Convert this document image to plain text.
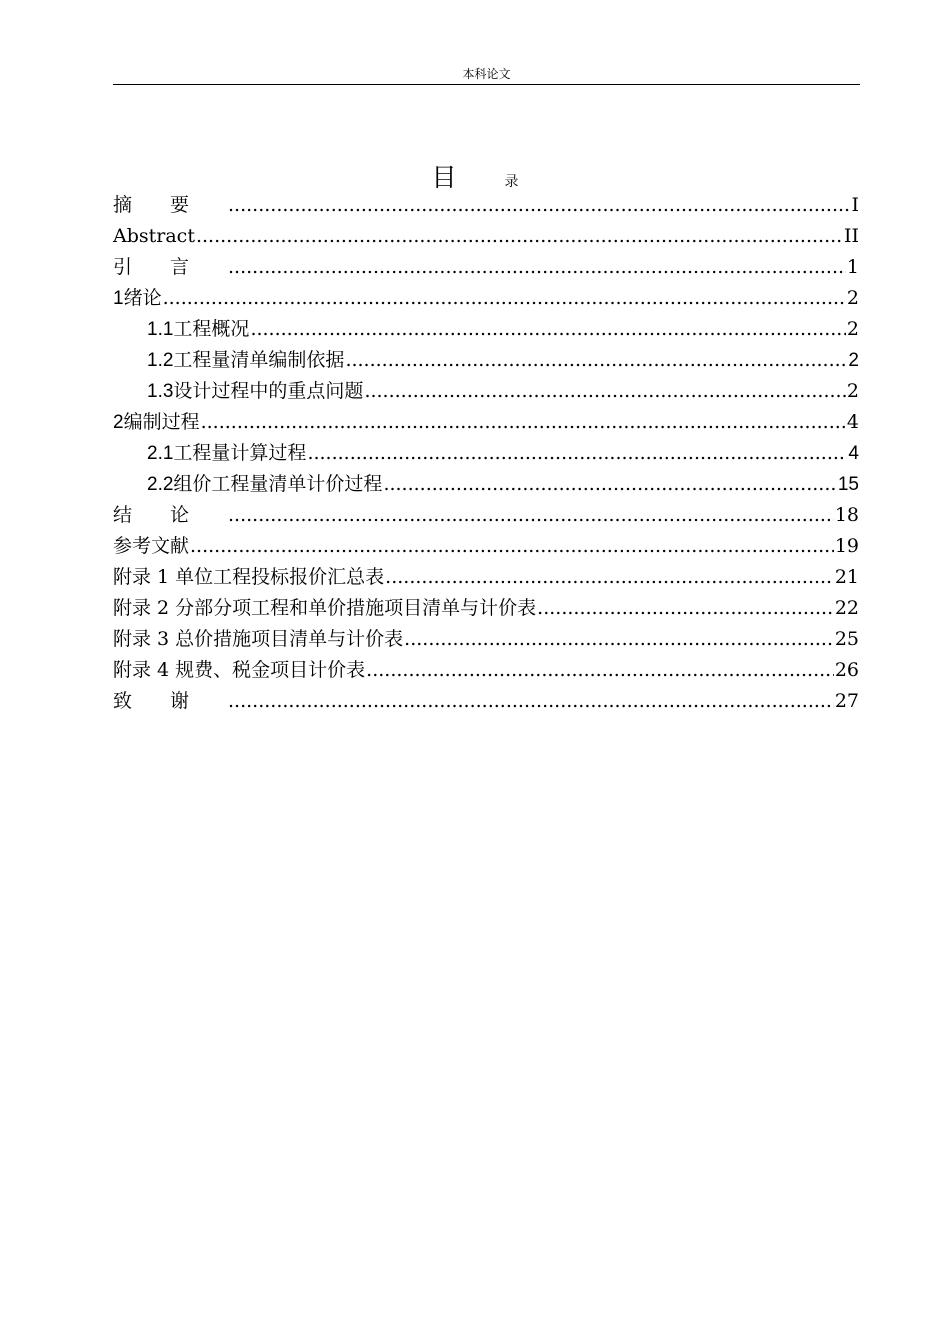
本科论文
目	录
摘要 .....	I
Abstract .....	II
引言 .....	1
1 绪论 .....	2
1.1 工程概况 .....	2
1.2 工程量清单编制依据 .....	2
1.3 设计过程中的重点问题 .....	2
2 编制过程 .....	4
2.1 工程量计算过程 .....	4
2.2 组价工程量清单计价过程 .....	15
结论 .....	18
参考文献 .....	19
附录 1 单位工程投标报价汇总表 .....	21
附录 2 分部分项工程和单价措施项目清单与计价表 .....	22
附录 3 总价措施项目清单与计价表 .....	25
附录 4 规费、税金项目计价表 .....	26
致谢 .....	27
